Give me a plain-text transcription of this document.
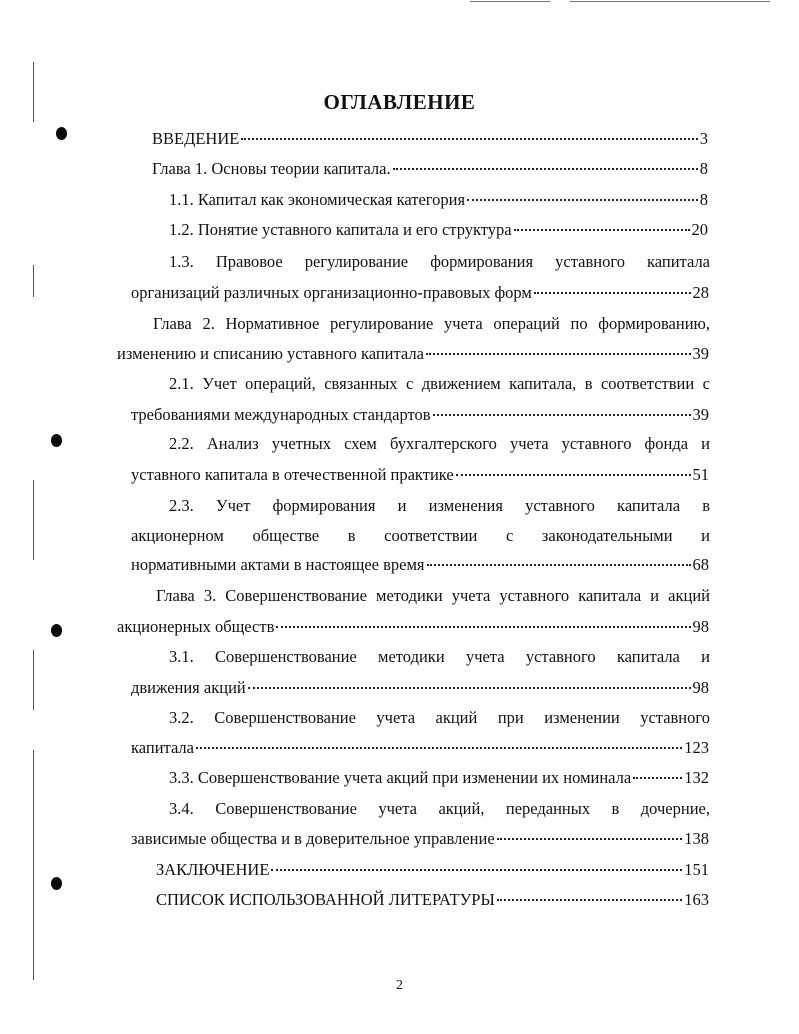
ОГЛАВЛЕНИЕ
ВВЕДЕНИЕ	3
Глава 1. Основы теории капитала.	8
1.1. Капитал как экономическая категория	8
1.2. Понятие уставного капитала и его структура	20
1.3. Правовое регулирование формирования уставного капитала
организаций различных организационно-правовых форм	28
Глава 2. Нормативное регулирование учета операций по формированию,
изменению и списанию уставного капитала	39
2.1. Учет операций, связанных с движением капитала, в соответствии с
требованиями международных стандартов	39
2.2. Анализ учетных схем бухгалтерского учета уставного фонда и
уставного капитала в отечественной практике	51
2.3. Учет формирования и изменения уставного капитала в
акционерном обществе в соответствии с законодательными и
нормативными актами в настоящее время	68
Глава 3. Совершенствование методики учета уставного капитала и акций
акционерных обществ	98
3.1. Совершенствование методики учета уставного капитала и
движения акций	98
3.2. Совершенствование учета акций при изменении уставного
капитала	123
3.3. Совершенствование учета акций при изменении их номинала	132
3.4. Совершенствование учета акций, переданных в дочерние,
зависимые общества и в доверительное управление	138
ЗАКЛЮЧЕНИЕ	151
СПИСОК ИСПОЛЬЗОВАННОЙ ЛИТЕРАТУРЫ	163
2
